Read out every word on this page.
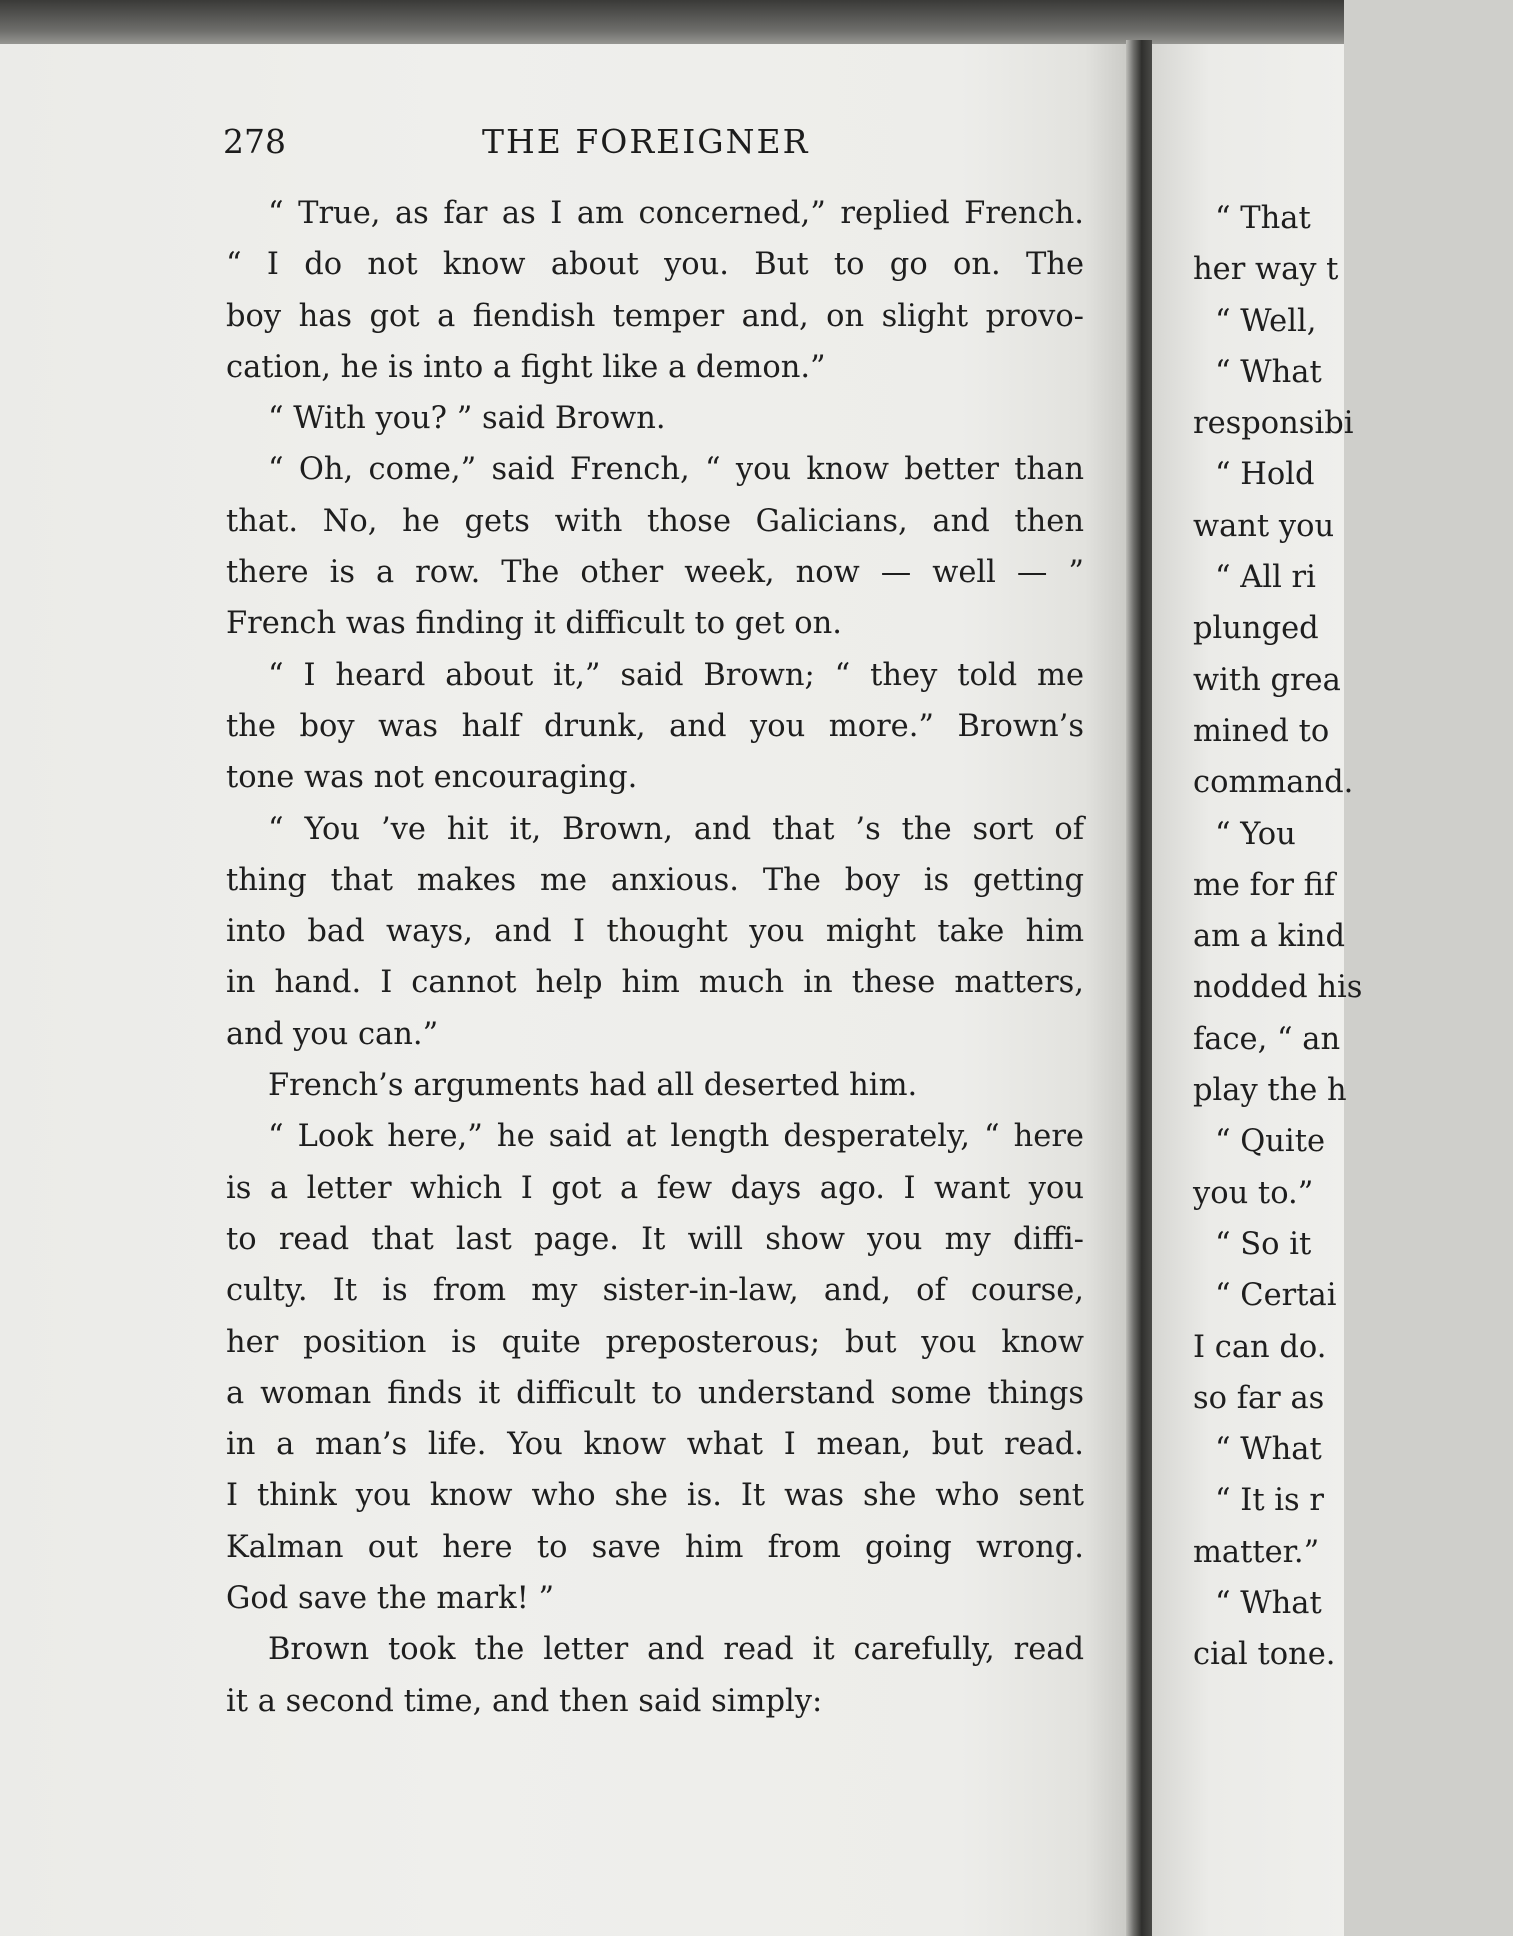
278	THE FOREIGNER
“ True, as far as I am concerned,” replied French.
“ I do not know about you. But to go on. The
boy has got a fiendish temper and, on slight provo-
cation, he is into a fight like a demon.”
“ With you? ” said Brown.
“ Oh, come,” said French, “ you know better than
that. No, he gets with those Galicians, and then
there is a row. The other week, now — well — ”
French was finding it difficult to get on.
“ I heard about it,” said Brown; “ they told me
the boy was half drunk, and you more.” Brown’s
tone was not encouraging.
“ You ’ve hit it, Brown, and that ’s the sort of
thing that makes me anxious. The boy is getting
into bad ways, and I thought you might take him
in hand. I cannot help him much in these matters,
and you can.”
French’s arguments had all deserted him.
“ Look here,” he said at length desperately, “ here
is a letter which I got a few days ago. I want you
to read that last page. It will show you my diffi-
culty. It is from my sister-in-law, and, of course,
her position is quite preposterous; but you know
a woman finds it difficult to understand some things
in a man’s life. You know what I mean, but read.
I think you know who she is. It was she who sent
Kalman out here to save him from going wrong.
God save the mark! ”
Brown took the letter and read it carefully, read
it a second time, and then said simply:
“ That
her way t
“ Well,
“ What
responsibi
“ Hold
want you
“ All ri
plunged
with grea
mined to
command.
“ You
me for fif
am a kind
nodded his
face, “ an
play the h
“ Quite
you to.”
“ So it
“ Certai
I can do.
so far as
“ What
“ It is r
matter.”
“ What
cial tone.
